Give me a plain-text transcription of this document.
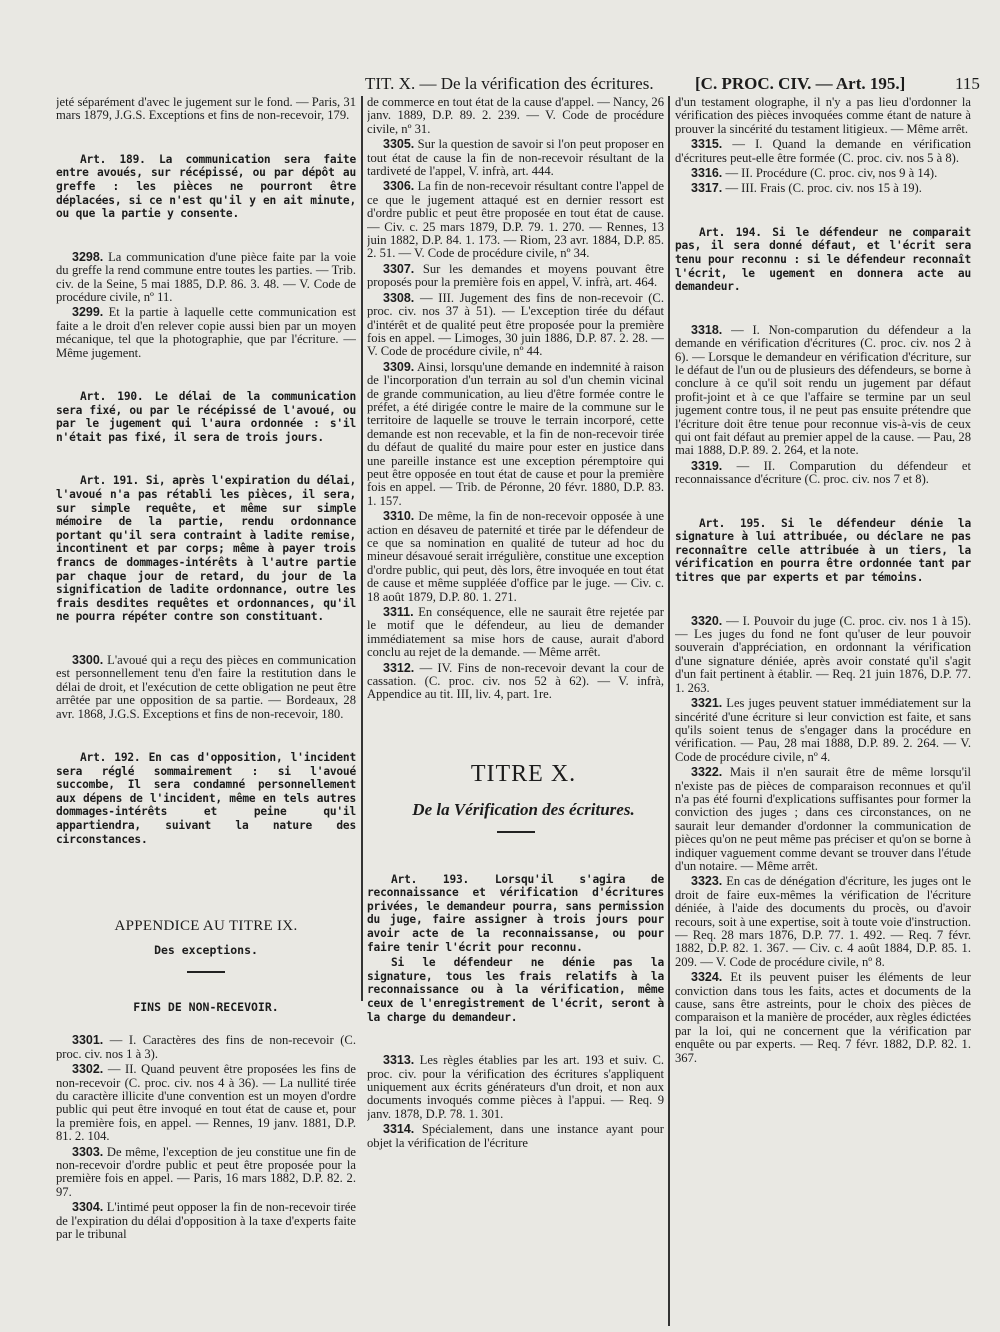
TIT. X. — De la vérification des écritures. [C. PROC. CIV. — Art. 195.]	115

jeté séparément d'avec le jugement sur le fond. — Paris, 31 mars 1879, J.G.S. Exceptions et fins de non-recevoir, 179.

Art. 189. La communication sera faite entre avoués, sur récépissé, ou par dépôt au greffe : les pièces ne pourront être déplacées, si ce n'est qu'il y en ait minute, ou que la partie y consente.

3298. La communication d'une pièce faite par la voie du greffe la rend commune entre toutes les parties. — Trib. civ. de la Seine, 5 mai 1885, D.P. 86. 3. 48. — V. Code de procédure civile, nº 11.

3299. Et la partie à laquelle cette communication est faite a le droit d'en relever copie aussi bien par un moyen mécanique, tel que la photographie, que par l'écriture. — Même jugement.

Art. 190. Le délai de la communication sera fixé, ou par le récépissé de l'avoué, ou par le jugement qui l'aura ordonnée : s'il n'était pas fixé, il sera de trois jours.

Art. 191. Si, après l'expiration du délai, l'avoué n'a pas rétabli les pièces, il sera, sur simple requête, et même sur simple mémoire de la partie, rendu ordonnance portant qu'il sera contraint à ladite remise, incontinent et par corps; même à payer trois francs de dommages-intérêts à l'autre partie par chaque jour de retard, du jour de la signification de ladite ordonnance, outre les frais desdites requêtes et ordonnances, qu'il ne pourra répéter contre son constituant.

3300. L'avoué qui a reçu des pièces en communication est personnellement tenu d'en faire la restitution dans le délai de droit, et l'exécution de cette obligation ne peut être arrêtée par une opposition de sa partie. — Bordeaux, 28 avr. 1868, J.G.S. Exceptions et fins de non-recevoir, 180.

Art. 192. En cas d'opposition, l'incident sera réglé sommairement : si l'avoué succombe, Il sera condamné personnellement aux dépens de l'incident, même en tels autres dommages-intérêts et peine qu'il appartiendra, suivant la nature des circonstances.

APPENDICE AU TITRE IX.

Des exceptions.

FINS DE NON-RECEVOIR.

3301. — I. Caractères des fins de non-recevoir (C. proc. civ. nos 1 à 3).

3302. — II. Quand peuvent être proposées les fins de non-recevoir (C. proc. civ. nos 4 à 36). — La nullité tirée du caractère illicite d'une convention est un moyen d'ordre public qui peut être invoqué en tout état de cause et, pour la première fois, en appel. — Rennes, 19 janv. 1881, D.P. 81. 2. 104.

3303. De même, l'exception de jeu constitue une fin de non-recevoir d'ordre public et peut être proposée pour la première fois en appel. — Paris, 16 mars 1882, D.P. 82. 2. 97.

3304. L'intimé peut opposer la fin de non-recevoir tirée de l'expiration du délai d'opposition à la taxe d'experts faite par le tribunal

de commerce en tout état de la cause d'appel. — Nancy, 26 janv. 1889, D.P. 89. 2. 239. — V. Code de procédure civile, nº 31.

3305. Sur la question de savoir si l'on peut proposer en tout état de cause la fin de non-recevoir résultant de la tardiveté de l'appel, V. infrà, art. 444.

3306. La fin de non-recevoir résultant contre l'appel de ce que le jugement attaqué est en dernier ressort est d'ordre public et peut être proposée en tout état de cause. — Civ. c. 25 mars 1879, D.P. 79. 1. 270. — Rennes, 13 juin 1882, D.P. 84. 1. 173. — Riom, 23 avr. 1884, D.P. 85. 2. 51. — V. Code de procédure civile, nº 34.

3307. Sur les demandes et moyens pouvant être proposés pour la première fois en appel, V. infrà, art. 464.

3308. — III. Jugement des fins de non-recevoir (C. proc. civ. nos 37 à 51). — L'exception tirée du défaut d'intérêt et de qualité peut être proposée pour la première fois en appel. — Limoges, 30 juin 1886, D.P. 87. 2. 28. — V. Code de procédure civile, nº 44.

3309. Ainsi, lorsqu'une demande en indemnité à raison de l'incorporation d'un terrain au sol d'un chemin vicinal de grande communication, au lieu d'être formée contre le préfet, a été dirigée contre le maire de la commune sur le territoire de laquelle se trouve le terrain incorporé, cette demande est non recevable, et la fin de non-recevoir tirée du défaut de qualité du maire pour ester en justice dans une pareille instance est une exception péremptoire qui peut être opposée en tout état de cause et pour la première fois en appel. — Trib. de Péronne, 20 févr. 1880, D.P. 83. 1. 157.

3310. De même, la fin de non-recevoir opposée à une action en désaveu de paternité et tirée par le défendeur de ce que sa nomination en qualité de tuteur ad hoc du mineur désavoué serait irrégulière, constitue une exception d'ordre public, qui peut, dès lors, être invoquée en tout état de cause et même suppléée d'office par le juge. — Civ. c. 18 août 1879, D.P. 80. 1. 271.

3311. En conséquence, elle ne saurait être rejetée par le motif que le défendeur, au lieu de demander immédiatement sa mise hors de cause, aurait d'abord conclu au rejet de la demande. — Même arrêt.

3312. — IV. Fins de non-recevoir devant la cour de cassation. (C. proc. civ. nos 52 à 62). — V. infrà, Appendice au tit. III, liv. 4, part. 1re.

TITRE X.

De la Vérification des écritures.

Art. 193. Lorsqu'il s'agira de reconnaissance et vérification d'écritures privées, le demandeur pourra, sans permission du juge, faire assigner à trois jours pour avoir acte de la reconnaissanse, ou pour faire tenir l'écrit pour reconnu.

Si le défendeur ne dénie pas la signature, tous les frais relatifs à la reconnaissance ou à la vérification, même ceux de l'enregistrement de l'écrit, seront à la charge du demandeur.

3313. Les règles établies par les art. 193 et suiv. C. proc. civ. pour la vérification des écritures s'appliquent uniquement aux écrits générateurs d'un droit, et non aux documents invoqués comme pièces à l'appui. — Req. 9 janv. 1878, D.P. 78. 1. 301.

3314. Spécialement, dans une instance ayant pour objet la vérification de l'écriture

d'un testament olographe, il n'y a pas lieu d'ordonner la vérification des pièces invoquées comme étant de nature à prouver la sincérité du testament litigieux. — Même arrêt.

3315. — I. Quand la demande en vérification d'écritures peut-elle être formée (C. proc. civ. nos 5 à 8).

3316. — II. Procédure (C. proc. civ, nos 9 à 14).

3317. — III. Frais (C. proc. civ. nos 15 à 19).

Art. 194. Si le défendeur ne comparait pas, il sera donné défaut, et l'écrit sera tenu pour reconnu : si le défendeur reconnaît l'écrit, le ugement en donnera acte au demandeur.

3318. — I. Non-comparution du défendeur a la demande en vérification d'écritures (C. proc. civ. nos 2 à 6). — Lorsque le demandeur en vérification d'écriture, sur le défaut de l'un ou de plusieurs des défendeurs, se borne à conclure à ce qu'il soit rendu un jugement par défaut profit-joint et à ce que l'affaire se termine par un seul jugement contre tous, il ne peut pas ensuite prétendre que l'écriture doit être tenue pour reconnue vis-à-vis de ceux qui ont fait défaut au premier appel de la cause. — Pau, 28 mai 1888, D.P. 89. 2. 264, et la note.

3319. — II. Comparution du défendeur et reconnaissance d'écriture (C. proc. civ. nos 7 et 8).

Art. 195. Si le défendeur dénie la signature à lui attribuée, ou déclare ne pas reconnaître celle attribuée à un tiers, la vérification en pourra être ordonnée tant par titres que par experts et par témoins.

3320. — I. Pouvoir du juge (C. proc. civ. nos 1 à 15). — Les juges du fond ne font qu'user de leur pouvoir souverain d'appréciation, en ordonnant la vérification d'une signature déniée, après avoir constaté qu'il s'agit d'un fait pertinent à établir. — Req. 21 juin 1876, D.P. 77. 1. 263.

3321. Les juges peuvent statuer immédiatement sur la sincérité d'une écriture si leur conviction est faite, et sans qu'ils soient tenus de s'engager dans la procédure en vérification. — Pau, 28 mai 1888, D.P. 89. 2. 264. — V. Code de procédure civile, nº 4.

3322. Mais il n'en saurait être de même lorsqu'il n'existe pas de pièces de comparaison reconnues et qu'il n'a pas été fourni d'explications suffisantes pour former la conviction des juges ; dans ces circonstances, on ne saurait leur demander d'ordonner la communication de pièces qu'on ne peut même pas préciser et qu'on se borne à indiquer vaguement comme devant se trouver dans l'étude d'un notaire. — Même arrêt.

3323. En cas de dénégation d'écriture, les juges ont le droit de faire eux-mêmes la vérification de l'écriture déniée, à l'aide des documents du procès, ou d'avoir recours, soit à une expertise, soit à toute voie d'instruction. — Req. 28 mars 1876, D.P. 77. 1. 492. — Req. 7 févr. 1882, D.P. 82. 1. 367. — Civ. c. 4 août 1884, D.P. 85. 1. 209. — V. Code de procédure civile, nº 8.

3324. Et ils peuvent puiser les éléments de leur conviction dans tous les faits, actes et documents de la cause, sans être astreints, pour le choix des pièces de comparaison et la manière de procéder, aux règles édictées par la loi, qui ne concernent que la vérification par enquête ou par experts. — Req. 7 févr. 1882, D.P. 82. 1. 367.
